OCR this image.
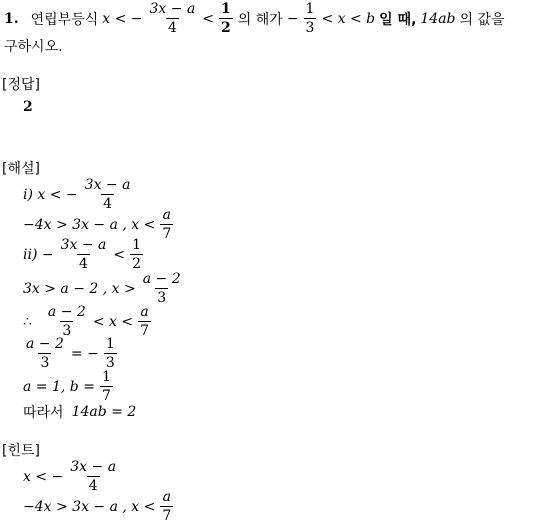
1. 연립부등식 x < − $\frac{3x - a}{4} < \frac{1}{2}$ 의 해가 − $\frac{1}{3} < x < b$ 일 때, 14ab 의 값을
구하시오.
[정답]
2
[해설]
i) x < − $\frac{3x - a}{4}$
−4x > 3x − a , $x < \frac{a}{7}$
$ii) - \frac{3x - a}{4} < \frac{1}{2}$
3x > a − 2 , $x > \frac{a - 2}{3}$
∴ $\frac{a - 2}{3} < x < \frac{a}{7}$
$\frac{a - 2}{3}$ = − $\frac{1}{3}$
a = 1, $b = \frac{1}{7}$
따라서 14ab = 2
[힌트]
x < − $\frac{3x - a}{4}$
−4x > 3x − a , $x < \frac{a}{7}$
